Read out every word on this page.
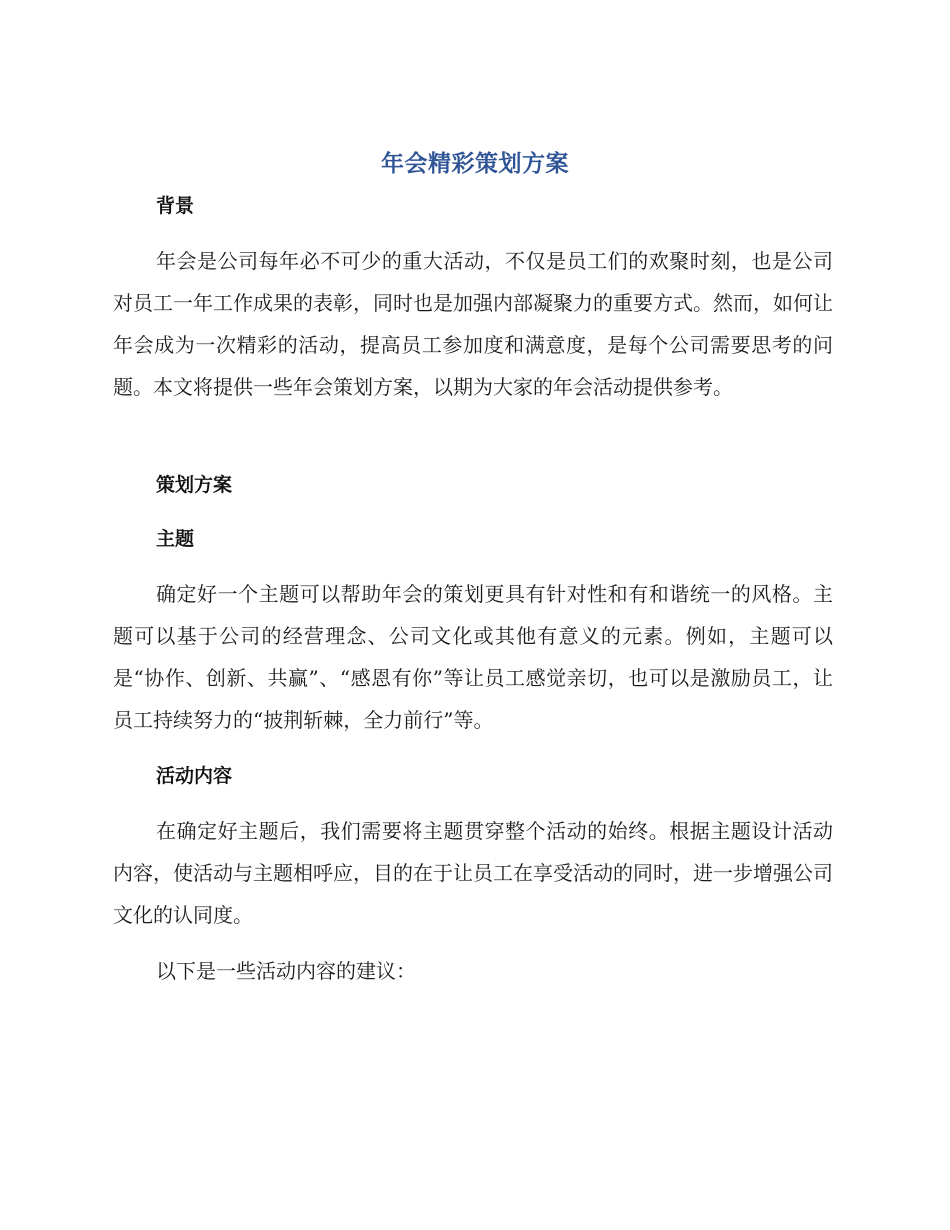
年会精彩策划方案
背景

年会是公司每年必不可少的重大活动，不仅是员工们的欢聚时刻，也是公司对员工一年工作成果的表彰，同时也是加强内部凝聚力的重要方式。然而，如何让年会成为一次精彩的活动，提高员工参加度和满意度，是每个公司需要思考的问题。本文将提供一些年会策划方案，以期为大家的年会活动提供参考。

策划方案
主题

确定好一个主题可以帮助年会的策划更具有针对性和有和谐统一的风格。主题可以基于公司的经营理念、公司文化或其他有意义的元素。例如，主题可以是“协作、创新、共赢”、“感恩有你”等让员工感觉亲切，也可以是激励员工，让员工持续努力的“披荆斩棘，全力前行”等。

活动内容

在确定好主题后，我们需要将主题贯穿整个活动的始终。根据主题设计活动内容，使活动与主题相呼应，目的在于让员工在享受活动的同时，进一步增强公司文化的认同度。

以下是一些活动内容的建议：
